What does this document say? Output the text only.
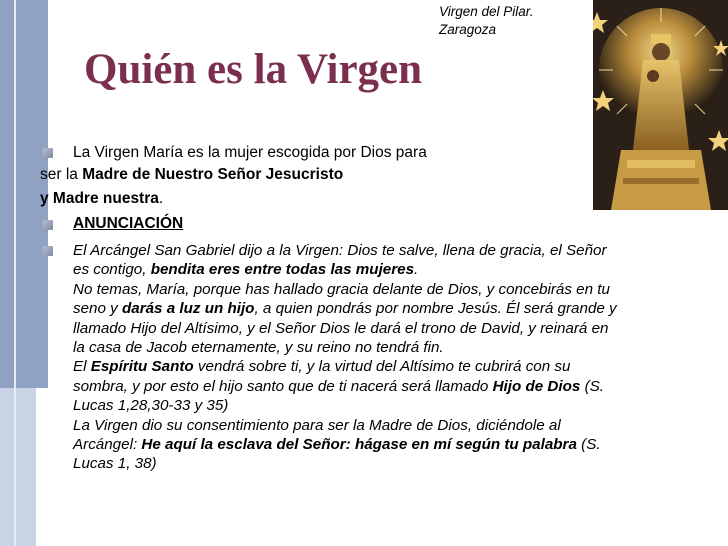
Virgen del Pilar.
Zaragoza
Quién es la Virgen
La Virgen María es la mujer escogida por Dios para
ser la Madre de Nuestro Señor Jesucristo
y Madre nuestra.
ANUNCIACIÓN
El Arcángel San Gabriel dijo a la Virgen: Dios te salve, llena de gracia, el Señor
es contigo, bendita eres entre todas las mujeres.
No temas, María, porque has hallado gracia delante de Dios, y concebirás en tu
seno y darás a luz un hijo, a quien pondrás por nombre Jesús. Él será grande y
llamado Hijo del Altísimo, y el Señor Dios le dará el trono de David, y reinará en
la casa de Jacob eternamente, y su reino no tendrá fin.
El Espíritu Santo vendrá sobre ti, y la virtud del Altísimo te cubrirá con su
sombra, y por esto el hijo santo que de ti nacerá será llamado Hijo de Dios (S.
Lucas 1,28,30-33 y 35)
La Virgen dio su consentimiento para ser la Madre de Dios, diciéndole al
Arcángel: He aquí la esclava del Señor: hágase en mí según tu palabra (S.
Lucas 1, 38)
